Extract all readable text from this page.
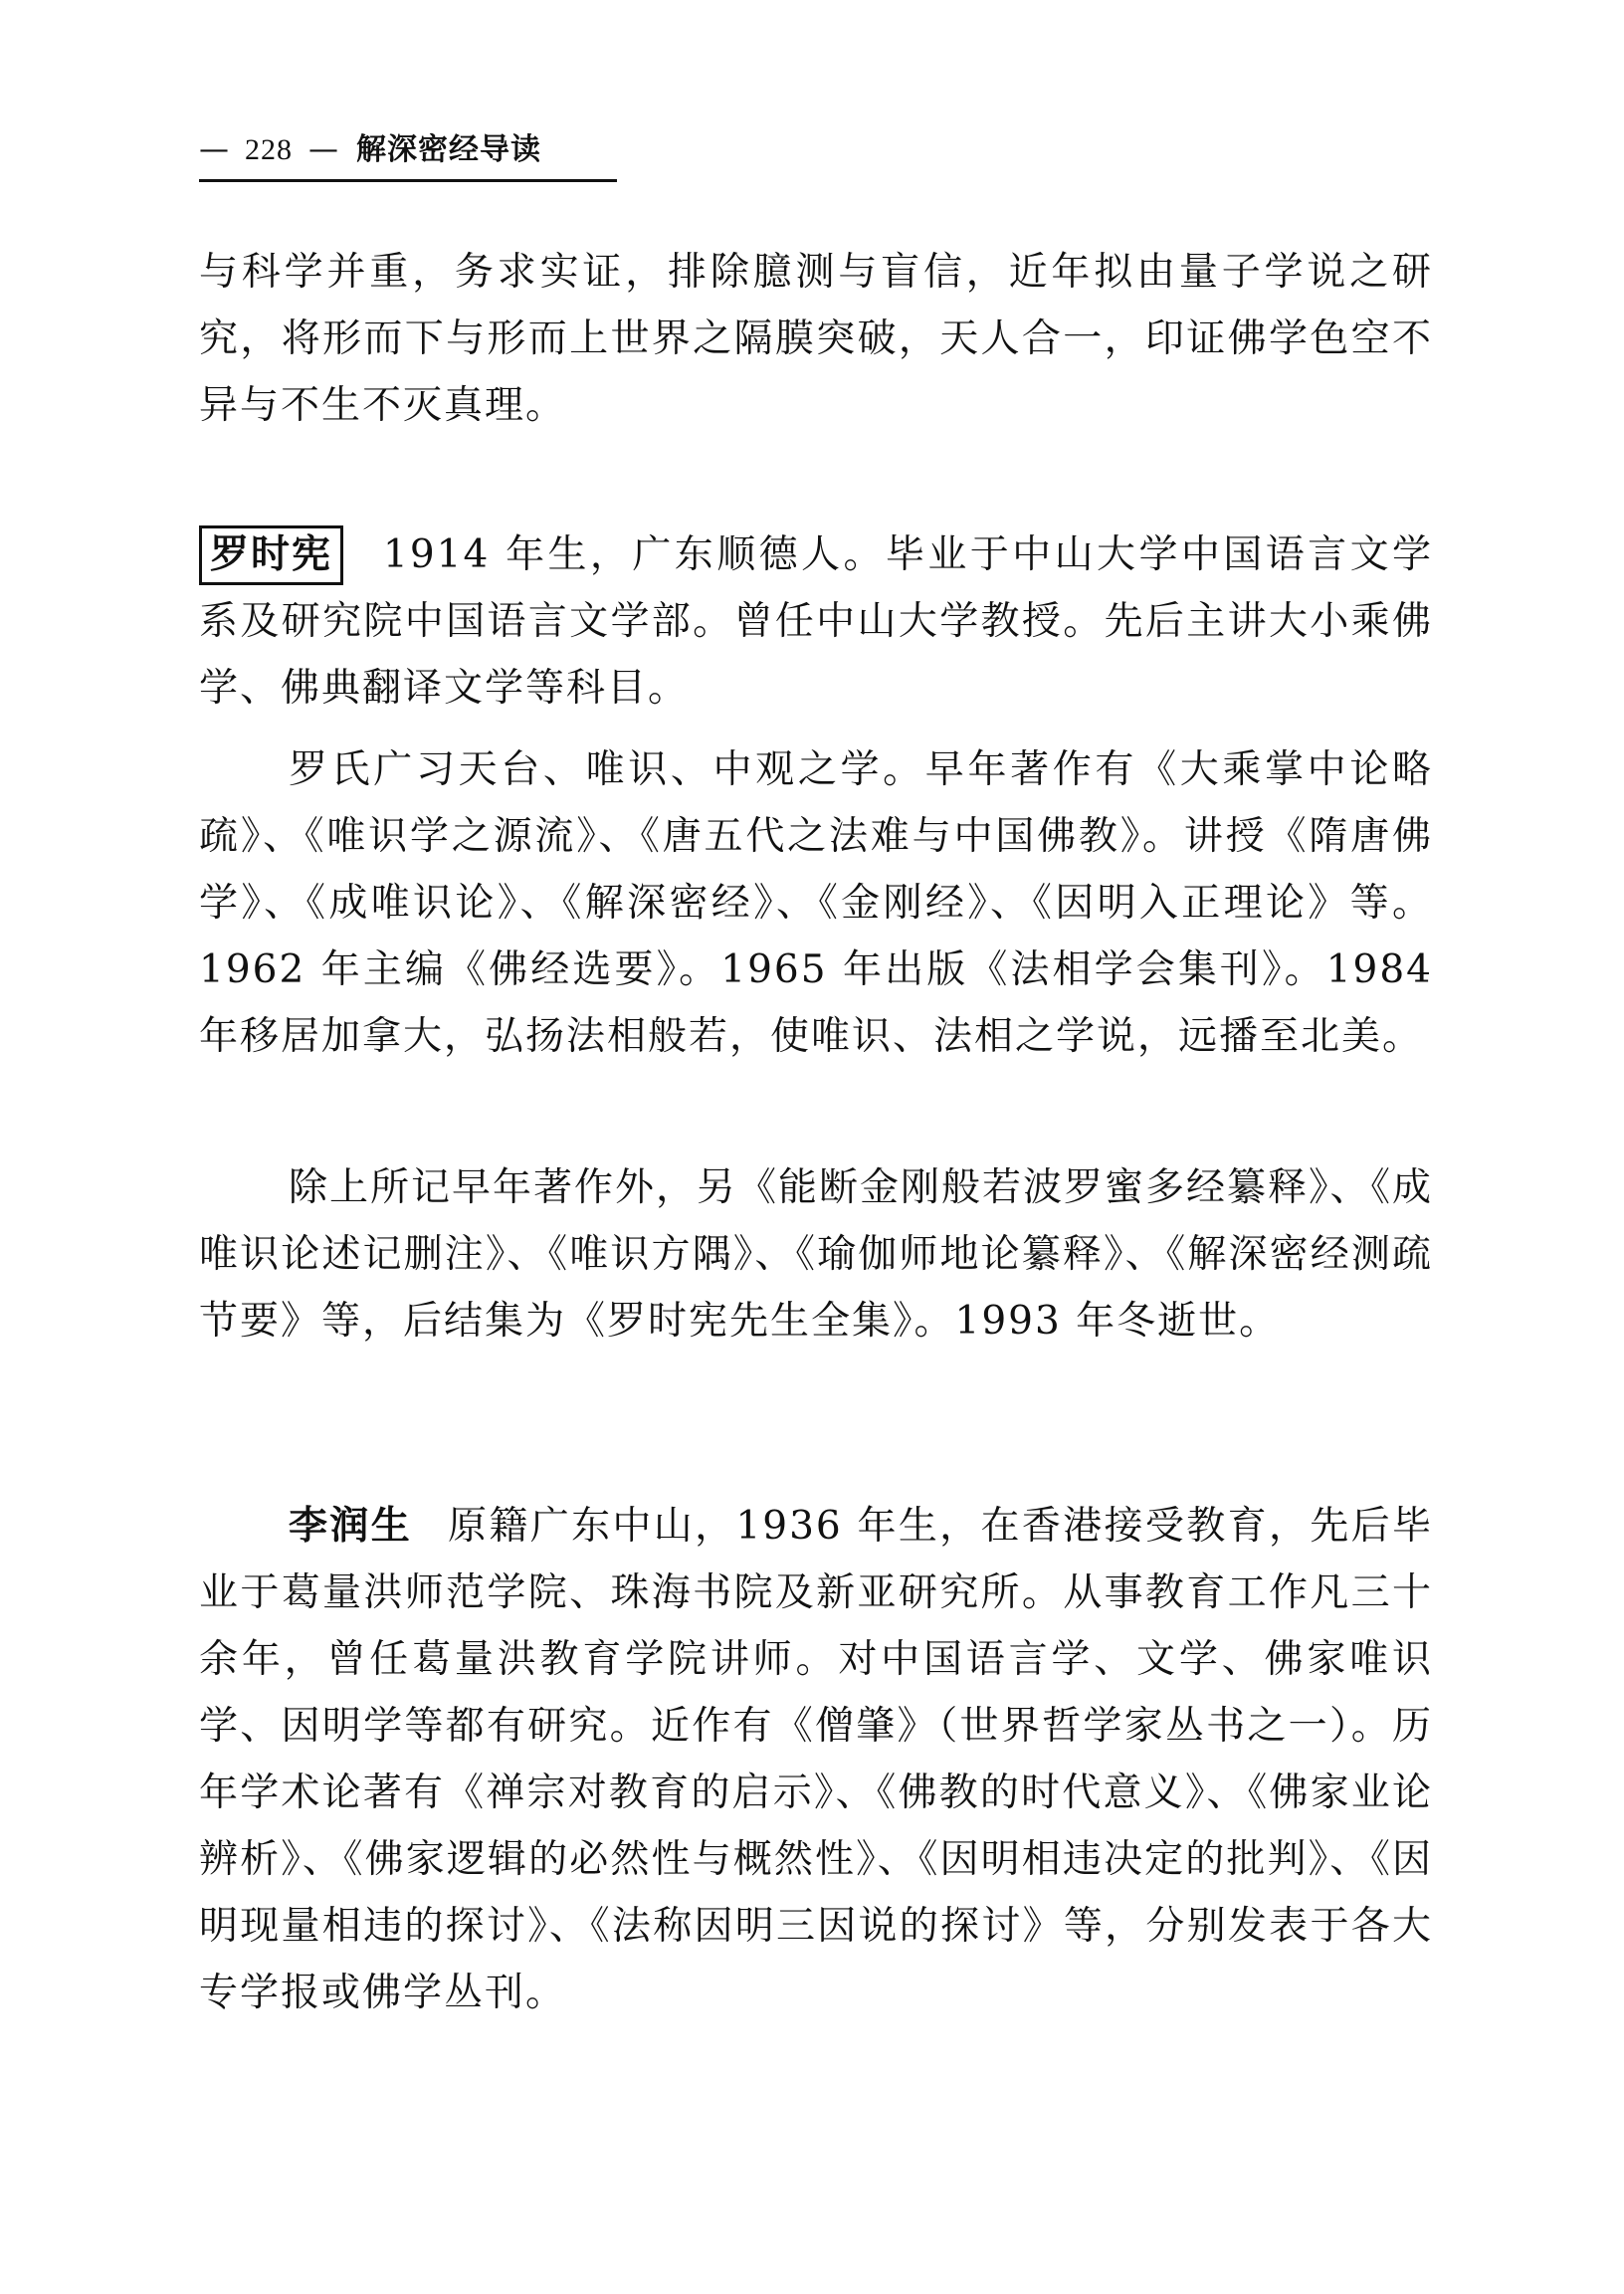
— 228 — 解深密经导读

与科学并重，务求实证，排除臆测与盲信，近年拟由量子学说之研究，将形而下与形而上世界之隔膜突破，天人合一，印证佛学色空不异与不生不灭真理。

罗时宪 1914 年生，广东顺德人。毕业于中山大学中国语言文学系及研究院中国语言文学部。曾任中山大学教授。先后主讲大小乘佛学、佛典翻译文学等科目。

罗氏广习天台、唯识、中观之学。早年著作有《大乘掌中论略疏》、《唯识学之源流》、《唐五代之法难与中国佛教》。讲授《隋唐佛学》、《成唯识论》、《解深密经》、《金刚经》、《因明入正理论》等。1962 年主编《佛经选要》。1965 年出版《法相学会集刊》。1984 年移居加拿大，弘扬法相般若，使唯识、法相之学说，远播至北美。

除上所记早年著作外，另《能断金刚般若波罗蜜多经纂释》、《成唯识论述记删注》、《唯识方隅》、《瑜伽师地论纂释》、《解深密经测疏节要》等，后结集为《罗时宪先生全集》。1993 年冬逝世。

李润生 原籍广东中山，1936 年生，在香港接受教育，先后毕业于葛量洪师范学院、珠海书院及新亚研究所。从事教育工作凡三十余年，曾任葛量洪教育学院讲师。对中国语言学、文学、佛家唯识学、因明学等都有研究。近作有《僧肇》（世界哲学家丛书之一）。历年学术论著有《禅宗对教育的启示》、《佛教的时代意义》、《佛家业论辨析》、《佛家逻辑的必然性与概然性》、《因明相违决定的批判》、《因明现量相违的探讨》、《法称因明三因说的探讨》等，分别发表于各大专学报或佛学丛刊。
